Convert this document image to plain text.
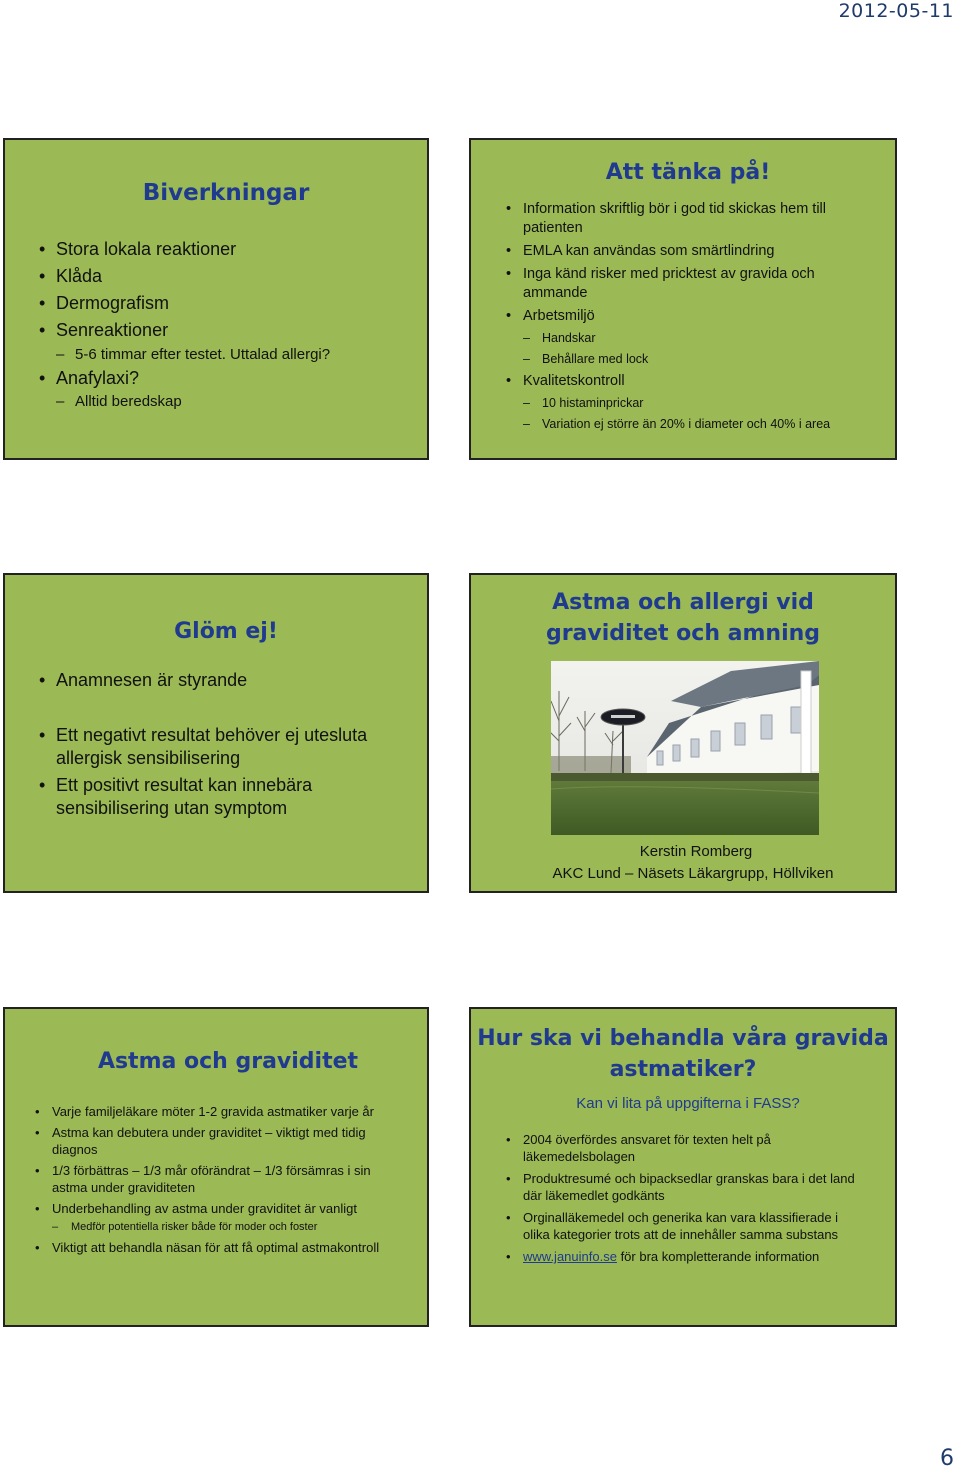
2012-05-11
Biverkningar
• Stora lokala reaktioner
• Klåda
• Dermografism
• Senreaktioner
– 5-6 timmar efter testet. Uttalad allergi?
• Anafylaxi?
– Alltid beredskap
Att tänka på!
• Information skriftlig bör i god tid skickas hem till patienten
• EMLA kan användas som smärtlindring
• Inga känd risker med pricktest av gravida och ammande
• Arbetsmiljö
– Handskar
– Behållare med lock
• Kvalitetskontroll
– 10 histaminprickar
– Variation ej större än 20% i diameter och 40% i area
Glöm ej!
• Anamnesen är styrande
• Ett negativt resultat behöver ej utesluta allergisk sensibilisering
• Ett positivt resultat kan innebära sensibilisering utan symptom
Astma och allergi vid
graviditet och amning
Kerstin Romberg
AKC Lund – Näsets Läkargrupp, Höllviken
Astma och graviditet
• Varje familjeläkare möter 1-2 gravida astmatiker varje år
• Astma kan debutera under graviditet – viktigt med tidig diagnos
• 1/3 förbättras – 1/3 mår oförändrat – 1/3 försämras i sin astma under graviditeten
• Underbehandling av astma under graviditet är vanligt
– Medför potentiella risker både för moder och foster
• Viktigt att behandla näsan för att få optimal astmakontroll
Hur ska vi behandla våra gravida
astmatiker?
Kan vi lita på uppgifterna i FASS?
• 2004 överfördes ansvaret för texten helt på läkemedelsbolagen
• Produktresumé och bipacksedlar granskas bara i det land där läkemedlet godkänts
• Orginalläkemedel och generika kan vara klassifierade i olika kategorier trots att de innehåller samma substans
• www.januinfo.se för bra kompletterande information
6
